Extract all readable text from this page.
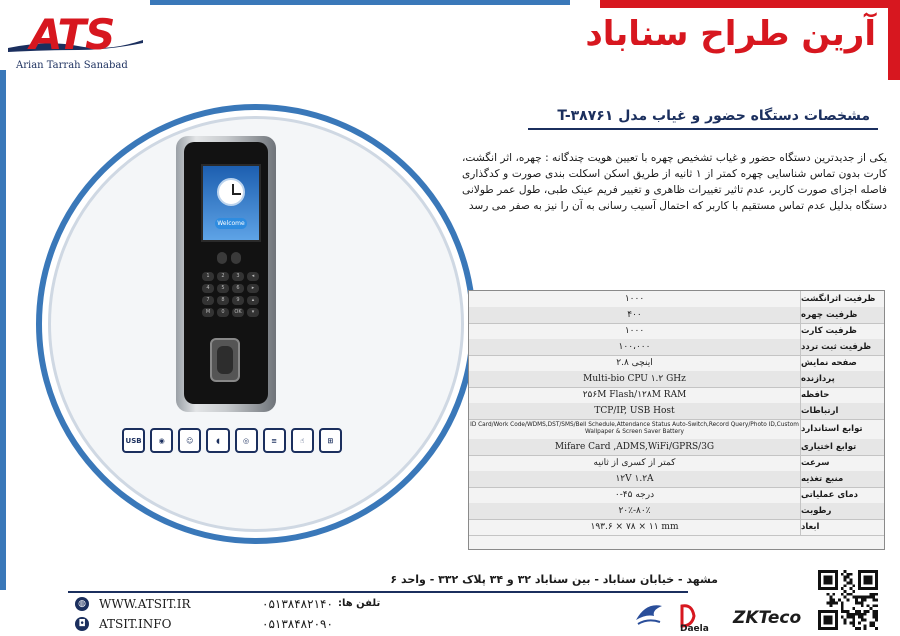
ATS
Arian Tarrah Sanabad
آرین طراح سناباد
مشخصات دستگاه حضور و غیاب مدل T-۳۸۷۶۱
یکی از جدیدترین دستگاه حضور و غیاب تشخیص چهره با تعیین هویت چندگانه : چهره، اثر انگشت، کارت بدون تماس شناسایی چهره کمتر از ۱ ثانیه از طریق اسکن اسکلت بندی صورت و کدگذاری فاصله اجزای صورت کاربر، عدم تاثیر تغییرات ظاهری و تغییر فریم عینک طبی، طول عمر طولانی دستگاه بدلیل عدم تماس مستقیم با کاربر که احتمال آسیب رسانی به آن را نیز به صفر می رسد
Welcome
1	2	3	◂
4	5	6	▸
7	8	9	▴
M	0	OK	▾
USB	◉	☺	◖	◎	≡	☝	⊞
۱۰۰۰	ظرفیت اثرانگشت
۴۰۰	ظرفیت چهره
۱۰۰۰	ظرفیت کارت
۱۰۰،۰۰۰	ظرفیت ثبت تردد
اینچی ۲.۸	صفحه نمایش
Multi-bio CPU ۱.۲ GHz	پردازنده
۲۵۶M Flash/۱۲۸M RAM	حافظه
TCP/IP, USB Host	ارتباطات
ID Card/Work Code/WDMS,DST/SMS/Bell Schedule,Attendance Status Auto-Switch,Record Query/Photo ID,Custom Wallpaper & Screen Saver Battery	توابع استاندارد
Mifare Card ,ADMS,WiFi/GPRS/3G	توابع اختیاری
کمتر از کسری از ثانیه	سرعت
۱۲V ۱.۲A	منبع تغذیه
درجه ۴۵-۰	دمای عملیاتی
۲۰٪-۸۰٪	رطوبت
۱۹۳.۶ × ۷۸ × ۱۱ mm	ابعاد
مشهد - خیابان سناباد - بین سناباد ۳۲ و ۳۴ پلاک ۳۳۲ - واحد ۶
◍ WWW.ATSIT.IR
◘ ATSIT.INFO
تلفن ها:
۰۵۱۳۸۴۸۲۱۴۰
۰۵۱۳۸۴۸۲۰۹۰	Daela
ZKTeco
